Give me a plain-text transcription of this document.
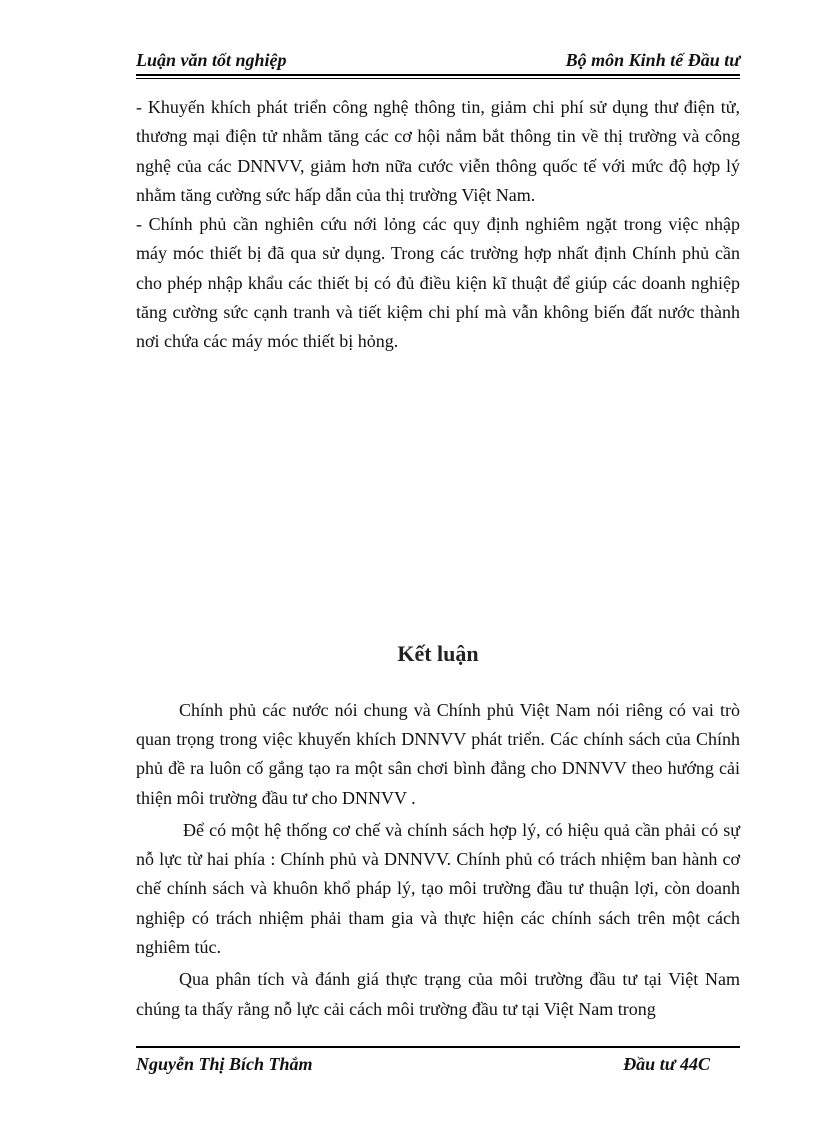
Luận văn tốt nghiệp	Bộ môn Kinh tế Đầu tư

- Khuyến khích phát triển công nghệ thông tin, giảm chi phí sử dụng thư điện tử, thương mại điện tử nhằm tăng các cơ hội nắm bắt thông tin về thị trường và công nghệ của các DNNVV, giảm hơn nữa cước viễn thông quốc tế với mức độ hợp lý nhằm tăng cường sức hấp dẫn của thị trường Việt Nam.

- Chính phủ cần nghiên cứu nới lỏng các quy định nghiêm ngặt trong việc nhập máy móc thiết bị đã qua sử dụng. Trong các trường hợp nhất định Chính phủ cần cho phép nhập khẩu các thiết bị có đủ điều kiện kĩ thuật để giúp các doanh nghiệp tăng cường sức cạnh tranh và tiết kiệm chi phí mà vẫn không biến đất nước thành nơi chứa các máy móc thiết bị hỏng.

Kết luận

Chính phủ các nước nói chung và Chính phủ Việt Nam nói riêng có vai trò quan trọng trong việc khuyến khích DNNVV phát triển. Các chính sách của Chính phủ đề ra luôn cố gắng tạo ra một sân chơi bình đẳng cho DNNVV theo hướng cải thiện môi trường đầu tư cho DNNVV .

Để có một hệ thống cơ chế và chính sách hợp lý, có hiệu quả cần phải có sự nỗ lực từ hai phía : Chính phủ và DNNVV. Chính phủ có trách nhiệm ban hành cơ chế chính sách và khuôn khổ pháp lý, tạo môi trường đầu tư thuận lợi, còn doanh nghiệp có trách nhiệm phải tham gia và thực hiện các chính sách trên một cách nghiêm túc.

Qua phân tích và đánh giá thực trạng của môi trường đầu tư tại Việt Nam chúng ta thấy rằng nỗ lực cải cách môi trường đầu tư tại Việt Nam trong

Nguyễn Thị Bích Thắm	Đầu tư 44C
